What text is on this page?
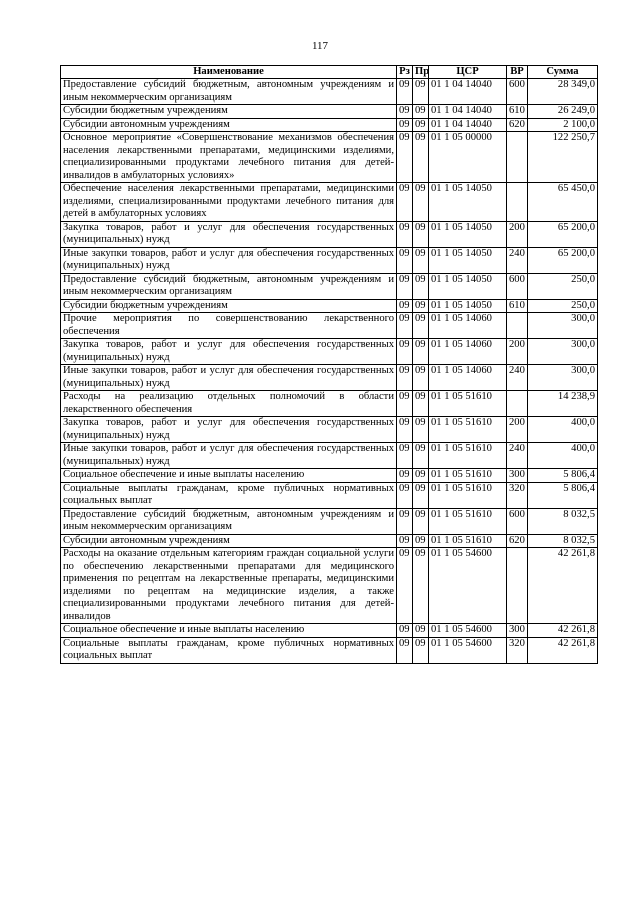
117
Наименование	Рз	Пр	ЦСР	ВР	Сумма
Предоставление субсидий бюджетным, автономным учреждениям и иным некоммерческим организациям	09	09	01 1 04 14040	600	28 349,0
Субсидии бюджетным учреждениям	09	09	01 1 04 14040	610	26 249,0
Субсидии автономным учреждениям	09	09	01 1 04 14040	620	2 100,0
Основное мероприятие «Совершенствование механизмов обеспечения населения лекарственными препаратами, медицинскими изделиями, специализированными продуктами лечебного питания для детей-инвалидов в амбулаторных условиях»	09	09	01 1 05 00000		122 250,7
Обеспечение населения лекарственными препаратами, медицинскими изделиями, специализированными продуктами лечебного питания для детей в амбулаторных условиях	09	09	01 1 05 14050		65 450,0
Закупка товаров, работ и услуг для обеспечения государственных (муниципальных) нужд	09	09	01 1 05 14050	200	65 200,0
Иные закупки товаров, работ и услуг для обеспечения государственных (муниципальных) нужд	09	09	01 1 05 14050	240	65 200,0
Предоставление субсидий бюджетным, автономным учреждениям и иным некоммерческим организациям	09	09	01 1 05 14050	600	250,0
Субсидии бюджетным учреждениям	09	09	01 1 05 14050	610	250,0
Прочие мероприятия по совершенствованию лекарственного обеспечения	09	09	01 1 05 14060		300,0
Закупка товаров, работ и услуг для обеспечения государственных (муниципальных) нужд	09	09	01 1 05 14060	200	300,0
Иные закупки товаров, работ и услуг для обеспечения государственных (муниципальных) нужд	09	09	01 1 05 14060	240	300,0
Расходы на реализацию отдельных полномочий в области лекарственного обеспечения	09	09	01 1 05 51610		14 238,9
Закупка товаров, работ и услуг для обеспечения государственных (муниципальных) нужд	09	09	01 1 05 51610	200	400,0
Иные закупки товаров, работ и услуг для обеспечения государственных (муниципальных) нужд	09	09	01 1 05 51610	240	400,0
Социальное обеспечение и иные выплаты населению	09	09	01 1 05 51610	300	5 806,4
Социальные выплаты гражданам, кроме публичных нормативных социальных выплат	09	09	01 1 05 51610	320	5 806,4
Предоставление субсидий бюджетным, автономным учреждениям и иным некоммерческим организациям	09	09	01 1 05 51610	600	8 032,5
Субсидии автономным учреждениям	09	09	01 1 05 51610	620	8 032,5
Расходы на оказание отдельным категориям граждан социальной услуги по обеспечению лекарственными препаратами для медицинского применения по рецептам на лекарственные препараты, медицинскими изделиями по рецептам на медицинские изделия, а также специализированными продуктами лечебного питания для детей-инвалидов	09	09	01 1 05 54600		42 261,8
Социальное обеспечение и иные выплаты населению	09	09	01 1 05 54600	300	42 261,8
Социальные выплаты гражданам, кроме публичных нормативных социальных выплат	09	09	01 1 05 54600	320	42 261,8
